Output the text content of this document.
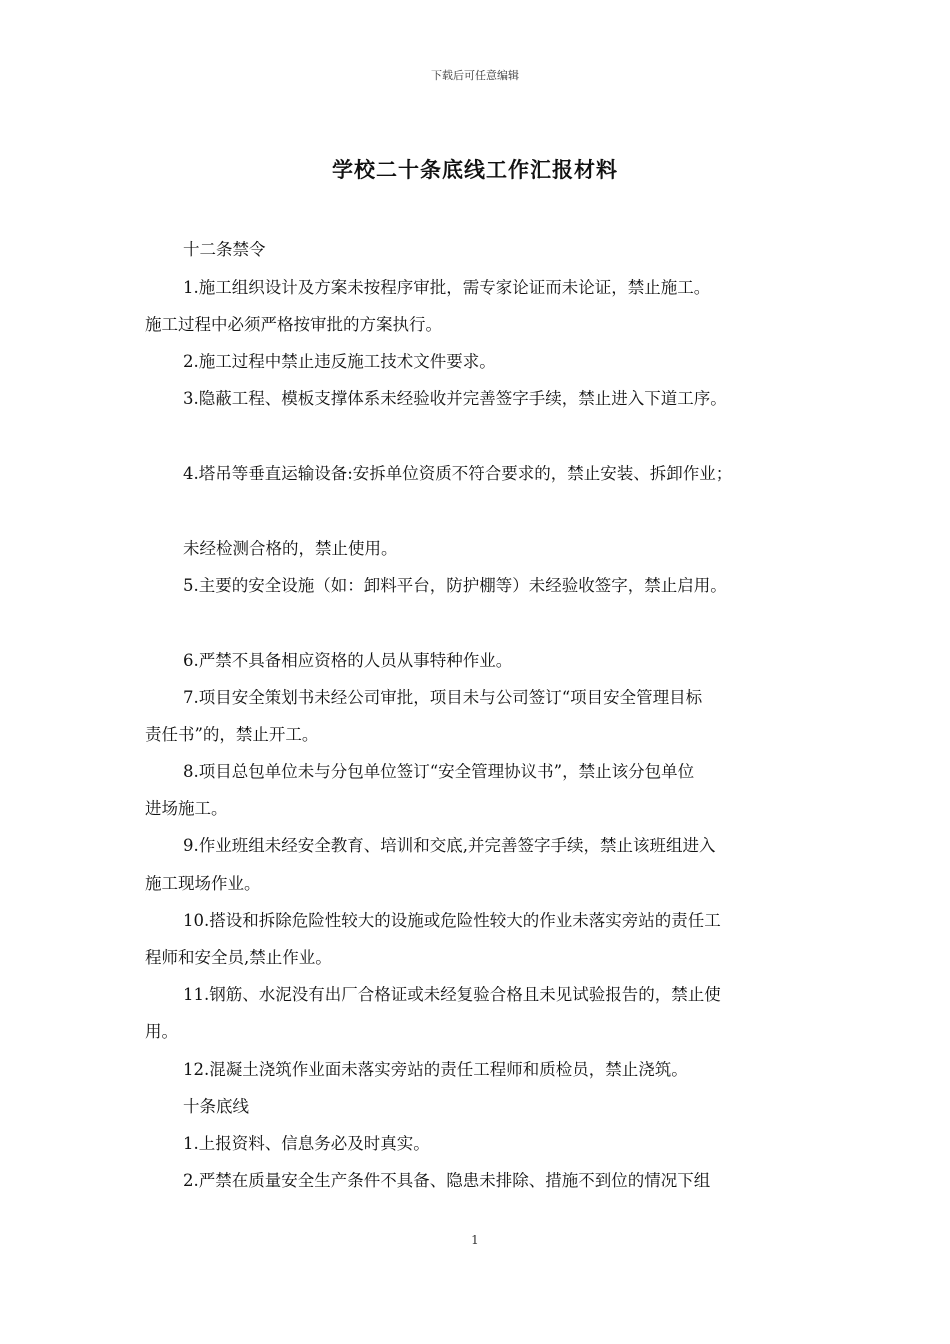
下载后可任意编辑
学校二十条底线工作汇报材料
十二条禁令
1.施工组织设计及方案未按程序审批，需专家论证而未论证，禁止施工。
施工过程中必须严格按审批的方案执行。
2.施工过程中禁止违反施工技术文件要求。
3.隐蔽工程、模板支撑体系未经验收并完善签字手续，禁止进入下道工序。
4.塔吊等垂直运输设备:安拆单位资质不符合要求的，禁止安装、拆卸作业；
未经检测合格的，禁止使用。
5.主要的安全设施（如：卸料平台，防护棚等）未经验收签字，禁止启用。
6.严禁不具备相应资格的人员从事特种作业。
7.项目安全策划书未经公司审批，项目未与公司签订“项目安全管理目标
责任书”的，禁止开工。
8.项目总包单位未与分包单位签订“安全管理协议书”，禁止该分包单位
进场施工。
9.作业班组未经安全教育、培训和交底,并完善签字手续，禁止该班组进入
施工现场作业。
10.搭设和拆除危险性较大的设施或危险性较大的作业未落实旁站的责任工
程师和安全员,禁止作业。
11.钢筋、水泥没有出厂合格证或未经复验合格且未见试验报告的，禁止使
用。
12.混凝土浇筑作业面未落实旁站的责任工程师和质检员，禁止浇筑。
十条底线
1.上报资料、信息务必及时真实。
2.严禁在质量安全生产条件不具备、隐患未排除、措施不到位的情况下组
1
